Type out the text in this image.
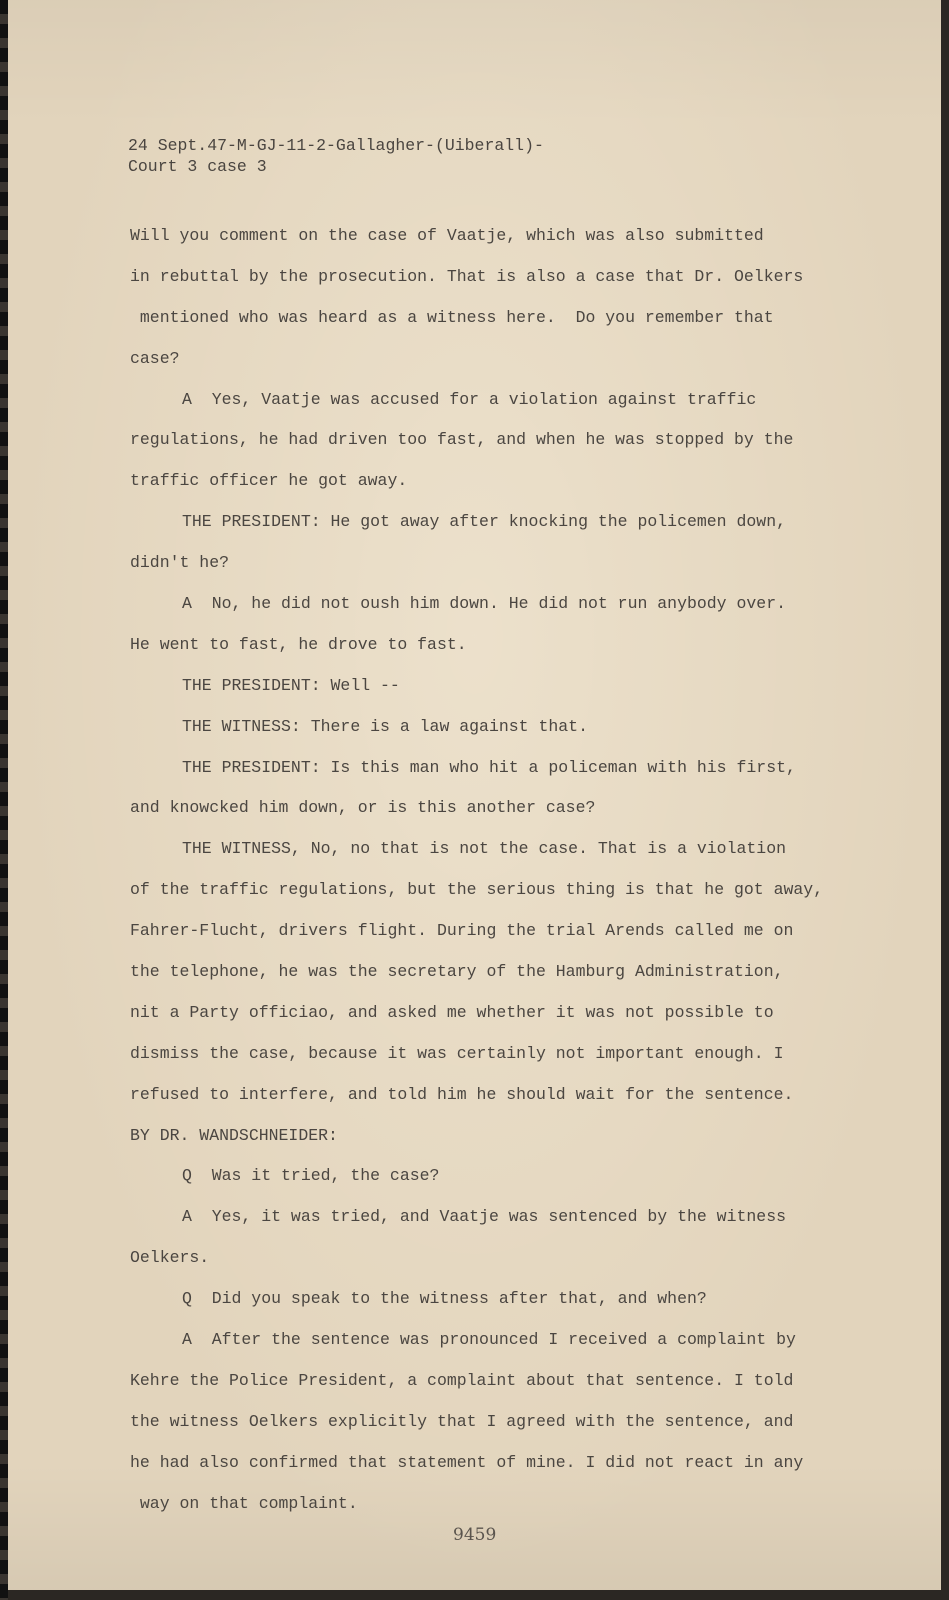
24 Sept.47-M-GJ-11-2-Gallagher-(Uiberall)-
Court 3 case 3
Will you comment on the case of Vaatje, which was also submitted
in rebuttal by the prosecution. That is also a case that Dr. Oelkers
mentioned who was heard as a witness here.  Do you remember that
case?
A  Yes, Vaatje was accused for a violation against traffic
regulations, he had driven too fast, and when he was stopped by the
traffic officer he got away.
THE PRESIDENT: He got away after knocking the policemen down,
didn't he?
A  No, he did not oush him down. He did not run anybody over.
He went to fast, he drove to fast.
THE PRESIDENT: Well --
THE WITNESS: There is a law against that.
THE PRESIDENT: Is this man who hit a policeman with his first,
and knowcked him down, or is this another case?
THE WITNESS, No, no that is not the case. That is a violation
of the traffic regulations, but the serious thing is that he got away,
Fahrer-Flucht, drivers flight. During the trial Arends called me on
the telephone, he was the secretary of the Hamburg Administration,
nit a Party officiao, and asked me whether it was not possible to
dismiss the case, because it was certainly not important enough. I
refused to interfere, and told him he should wait for the sentence.
BY DR. WANDSCHNEIDER:
Q  Was it tried, the case?
A  Yes, it was tried, and Vaatje was sentenced by the witness
Oelkers.
Q  Did you speak to the witness after that, and when?
A  After the sentence was pronounced I received a complaint by
Kehre the Police President, a complaint about that sentence. I told
the witness Oelkers explicitly that I agreed with the sentence, and
he had also confirmed that statement of mine. I did not react in any
way on that complaint.
9459
